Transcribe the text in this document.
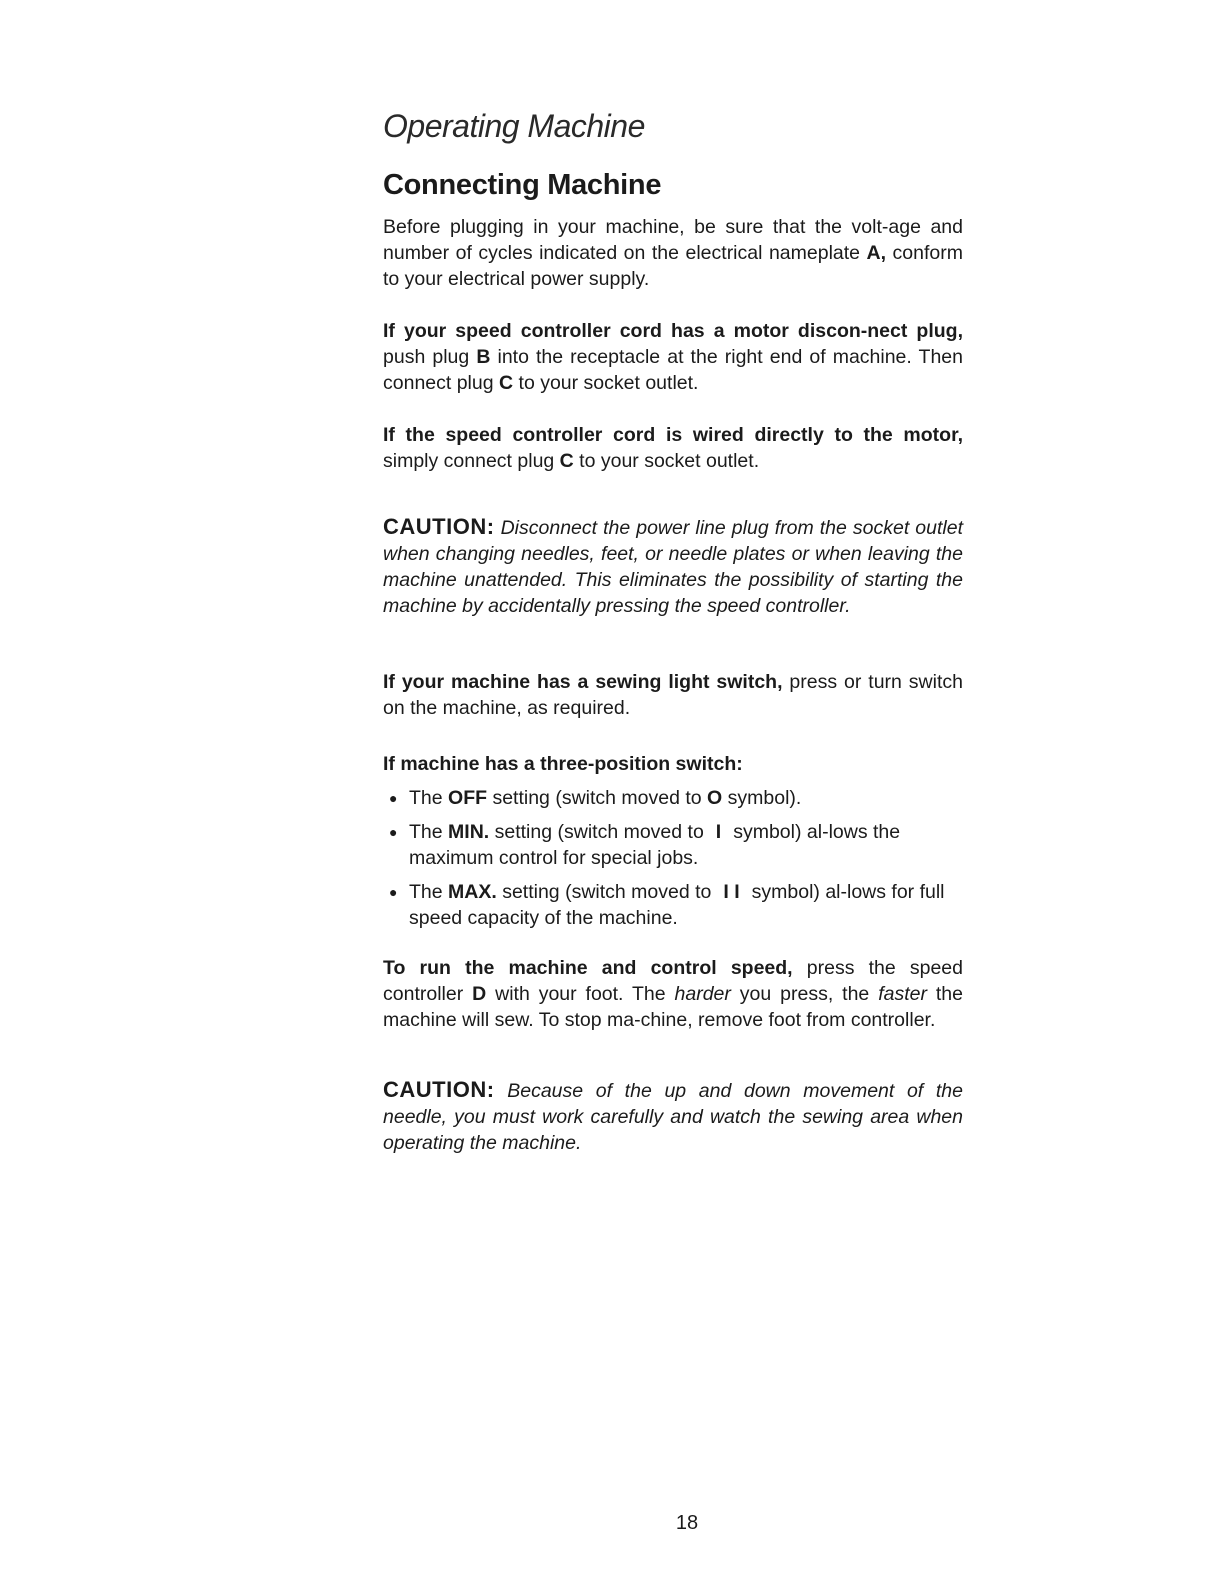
Operating Machine
Connecting Machine

Before plugging in your machine, be sure that the volt-age and number of cycles indicated on the electrical nameplate A, conform to your electrical power supply.

If your speed controller cord has a motor discon-nect plug, push plug B into the receptacle at the right end of machine. Then connect plug C to your socket outlet.

If the speed controller cord is wired directly to the motor, simply connect plug C to your socket outlet.

CAUTION: Disconnect the power line plug from the socket outlet when changing needles, feet, or needle plates or when leaving the machine unattended. This eliminates the possibility of starting the machine by accidentally pressing the speed controller.

If your machine has a sewing light switch, press or turn switch on the machine, as required.

If machine has a three-position switch:

● The OFF setting (switch moved to O symbol).
● The MIN. setting (switch moved to I symbol) al-lows the maximum control for special jobs.
● The MAX. setting (switch moved to I I symbol) al-lows for full speed capacity of the machine.

To run the machine and control speed, press the speed controller D with your foot. The harder you press, the faster the machine will sew. To stop ma-chine, remove foot from controller.

CAUTION: Because of the up and down movement of the needle, you must work carefully and watch the sewing area when operating the machine.
18
